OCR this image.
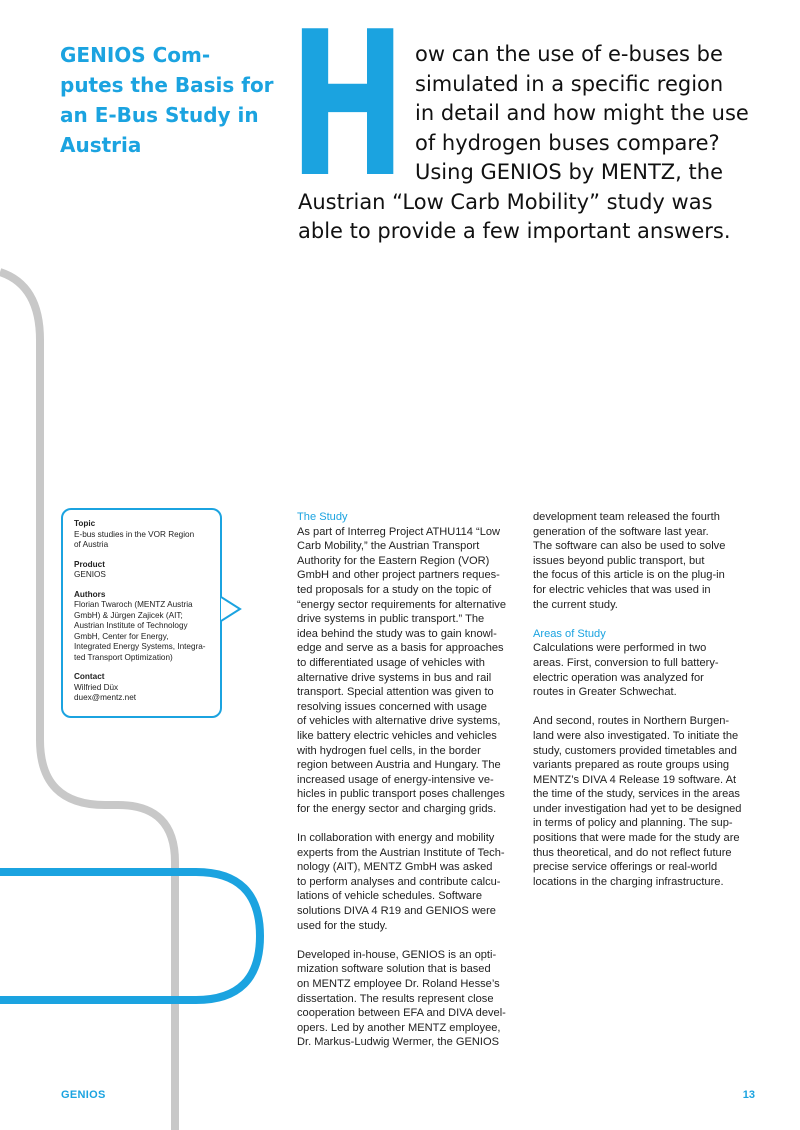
GENIOS Com-
putes the Basis for
an E-Bus Study in
Austria H ow can the use of e-buses be
simulated in a specific region
in detail and how might the use
of hydrogen buses compare?
Using GENIOS by MENTZ, the
Austrian “Low Carb Mobility” study was
able to provide a few important answers.

Topic
E-bus studies in the VOR Region
of Austria
Product
GENIOS
Authors
Florian Twaroch (MENTZ Austria
GmbH) & Jürgen Zajicek (AIT;
Austrian Institute of Technology
GmbH, Center for Energy,
Integrated Energy Systems, Integra-
ted Transport Optimization)
Contact
Wilfried Düx
duex@mentz.net
The Study
As part of Interreg Project ATHU114 “Low
Carb Mobility,” the Austrian Transport
Authority for the Eastern Region (VOR)
GmbH and other project partners reques-
ted proposals for a study on the topic of
“energy sector requirements for alternative
drive systems in public transport.” The
idea behind the study was to gain knowl-
edge and serve as a basis for approaches
to differentiated usage of vehicles with
alternative drive systems in bus and rail
transport. Special attention was given to
resolving issues concerned with usage
of vehicles with alternative drive systems,
like battery electric vehicles and vehicles
with hydrogen fuel cells, in the border
region between Austria and Hungary. The
increased usage of energy-intensive ve-
hicles in public transport poses challenges
for the energy sector and charging grids.
In collaboration with energy and mobility
experts from the Austrian Institute of Tech-
nology (AIT), MENTZ GmbH was asked
to perform analyses and contribute calcu-
lations of vehicle schedules. Software
solutions DIVA 4 R19 and GENIOS were
used for the study.
Developed in-house, GENIOS is an opti-
mization software solution that is based
on MENTZ employee Dr. Roland Hesse’s
dissertation. The results represent close
cooperation between EFA and DIVA devel-
opers. Led by another MENTZ employee,
Dr. Markus-Ludwig Wermer, the GENIOS
development team released the fourth
generation of the software last year.
The software can also be used to solve
issues beyond public transport, but
the focus of this article is on the plug-in
for electric vehicles that was used in
the current study.
Areas of Study
Calculations were performed in two
areas. First, conversion to full battery-
electric operation was analyzed for
routes in Greater Schwechat.
And second, routes in Northern Burgen-
land were also investigated. To initiate the
study, customers provided timetables and
variants prepared as route groups using
MENTZ’s DIVA 4 Release 19 software. At
the time of the study, services in the areas
under investigation had yet to be designed
in terms of policy and planning. The sup-
positions that were made for the study are
thus theoretical, and do not reflect future
precise service offerings or real-world
locations in the charging infrastructure.
GENIOS	13
